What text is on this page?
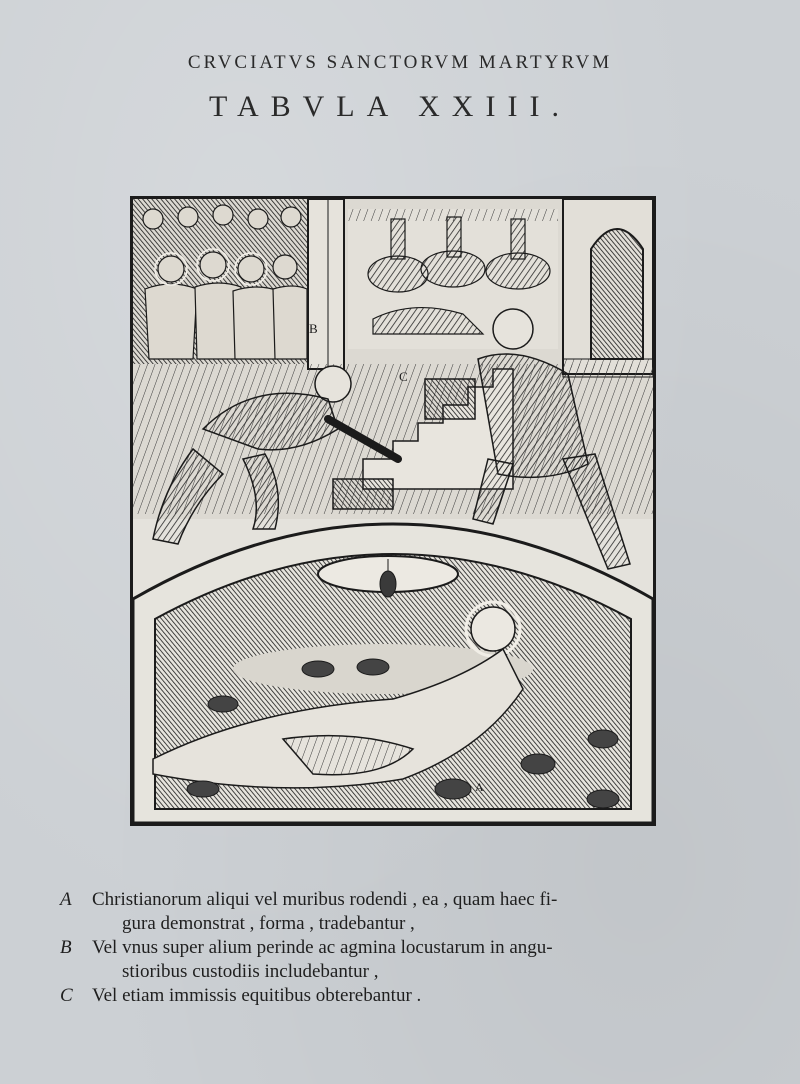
CRVCIATVS SANCTORVM MARTYRVM
TABVLA XXIII.
B
C
A
A Christianorum aliqui vel muribus rodendi , ea , quam haec fi-
gura demonstrat , forma , tradebantur ,
B Vel vnus super alium perinde ac agmina locustarum in angu-
stioribus custodiis includebantur ,
C Vel etiam immissis equitibus obterebantur .
